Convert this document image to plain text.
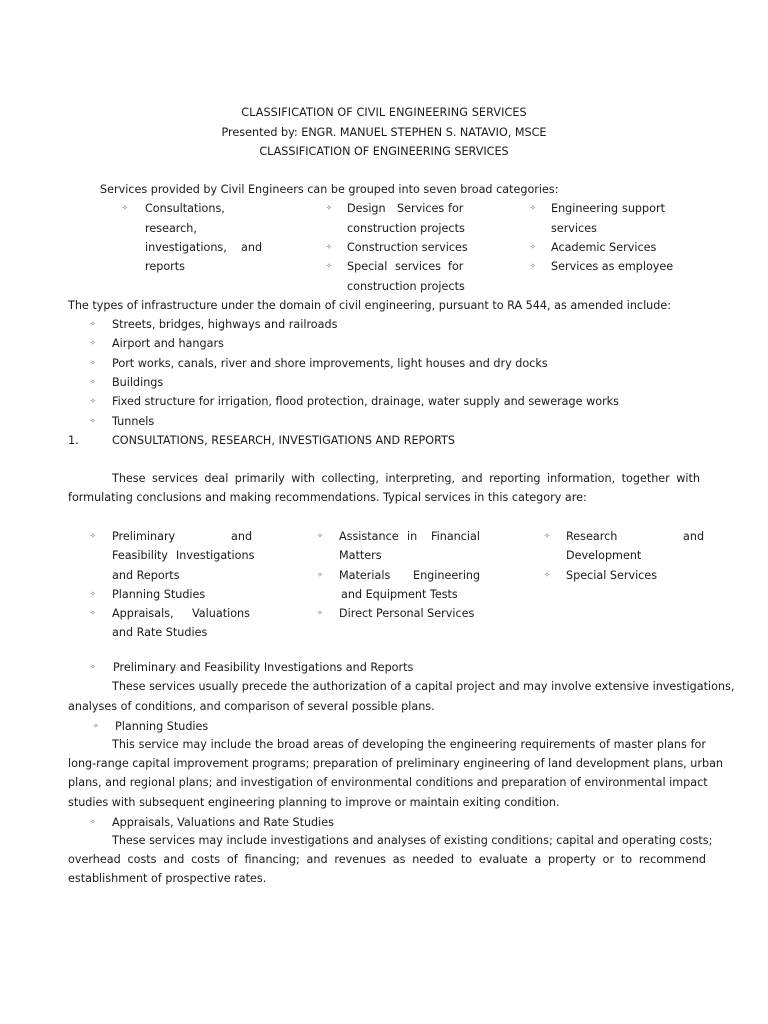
CLASSIFICATION OF CIVIL ENGINEERING SERVICES
Presented by: ENGR. MANUEL STEPHEN S. NATAVIO, MSCE
CLASSIFICATION OF ENGINEERING SERVICES
Services provided by Civil Engineers can be grouped into seven broad categories:
✧ Consultations,
research,
investigations, and
reports
✧ Design Services for
construction projects
✧ Construction services
✧ Special services for
construction projects
✧ Engineering support
services
✧ Academic Services
✧ Services as employee
The types of infrastructure under the domain of civil engineering, pursuant to RA 544, as amended include:
✧ Streets, bridges, highways and railroads
✧ Airport and hangars
✧ Port works, canals, river and shore improvements, light houses and dry docks
✧ Buildings
✧ Fixed structure for irrigation, flood protection, drainage, water supply and sewerage works
✧ Tunnels
1.	CONSULTATIONS, RESEARCH, INVESTIGATIONS AND REPORTS
These services deal primarily with collecting, interpreting, and reporting information, together with
formulating conclusions and making recommendations. Typical services in this category are:
✧ Preliminary	and
Feasibility Investigations
and Reports
✧ Planning Studies
✧ Appraisals, Valuations
and Rate Studies
✧ Assistance in Financial
Matters
✧ Materials Engineering
and Equipment Tests
✧ Direct Personal Services
✧ Research	and
Development
✧ Special Services
✧ Preliminary and Feasibility Investigations and Reports
These services usually precede the authorization of a capital project and may involve extensive investigations,
analyses of conditions, and comparison of several possible plans.
✧ Planning Studies
This service may include the broad areas of developing the engineering requirements of master plans for
long-range capital improvement programs; preparation of preliminary engineering of land development plans, urban
plans, and regional plans; and investigation of environmental conditions and preparation of environmental impact
studies with subsequent engineering planning to improve or maintain exiting condition.
✧ Appraisals, Valuations and Rate Studies
These services may include investigations and analyses of existing conditions; capital and operating costs;
overhead costs and costs of financing; and revenues as needed to evaluate a property or to recommend
establishment of prospective rates.
